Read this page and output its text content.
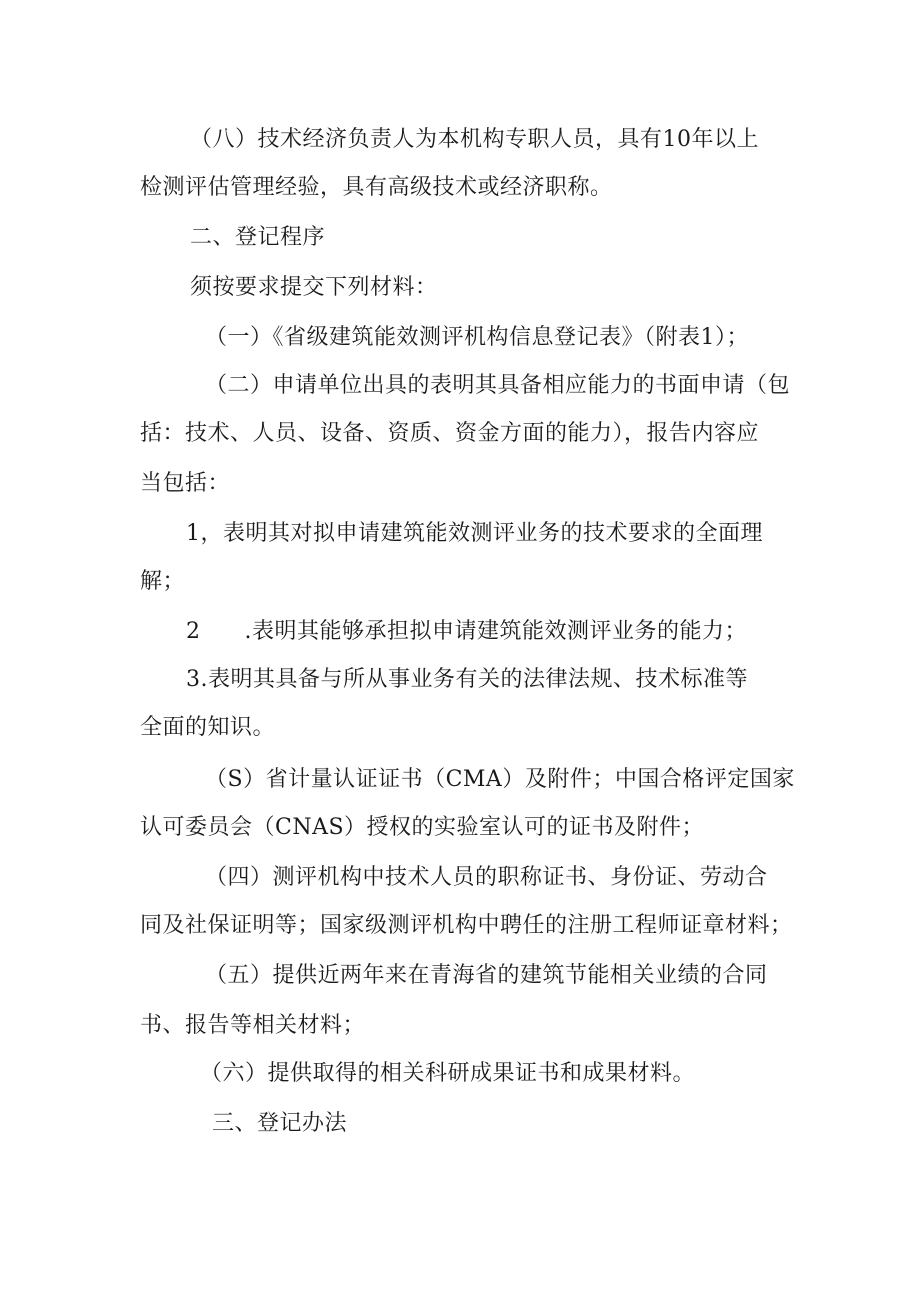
（八）技术经济负责人为本机构专职人员，具有10年以上
检测评估管理经验，具有高级技术或经济职称。
二、登记程序
须按要求提交下列材料：
（一）《省级建筑能效测评机构信息登记表》（附表1）；
（二）申请单位出具的表明其具备相应能力的书面申请（包
括：技术、人员、设备、资质、资金方面的能力），报告内容应
当包括：
1，表明其对拟申请建筑能效测评业务的技术要求的全面理
解；
2 .表明其能够承担拟申请建筑能效测评业务的能力；
3.表明其具备与所从事业务有关的法律法规、技术标准等
全面的知识。
（S）省计量认证证书（CMA）及附件；中国合格评定国家
认可委员会（CNAS）授权的实验室认可的证书及附件；
（四）测评机构中技术人员的职称证书、身份证、劳动合
同及社保证明等；国家级测评机构中聘任的注册工程师证章材料；
（五）提供近两年来在青海省的建筑节能相关业绩的合同
书、报告等相关材料；
（六）提供取得的相关科研成果证书和成果材料。
三、登记办法
